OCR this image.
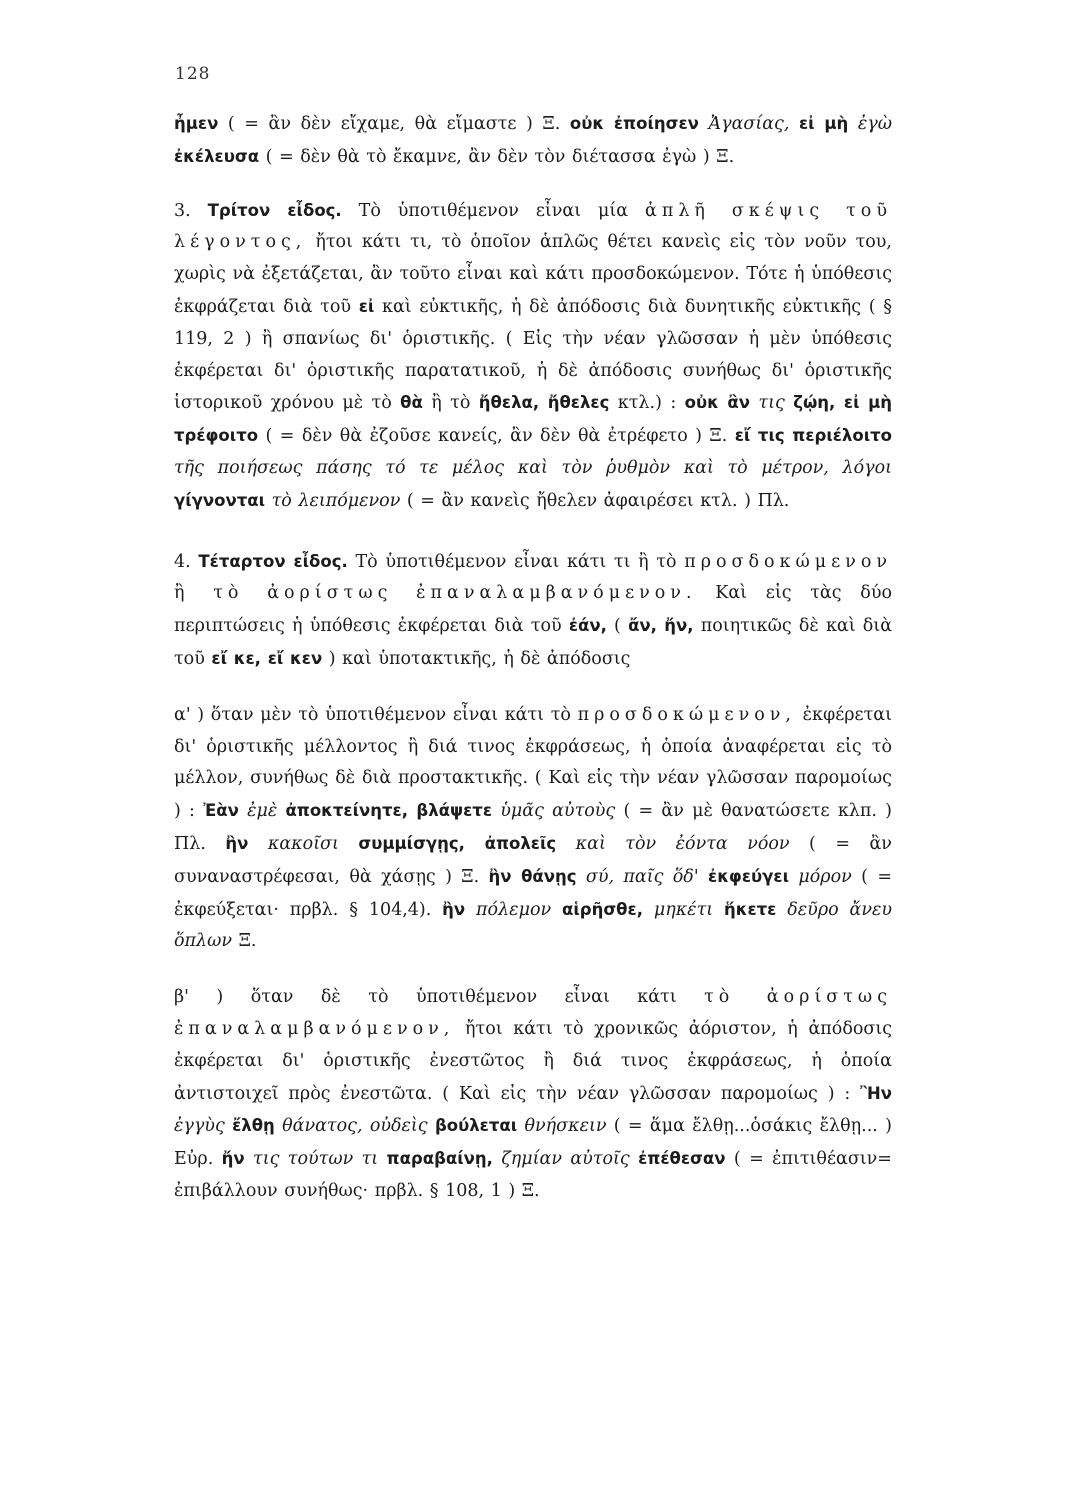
128

ἦμεν ( = ἂν δὲν εἴχαμε, θὰ εἴμαστε ) Ξ. οὐκ ἐποίησεν Ἀγασίας, εἰ μὴ ἐγὼ ἐκέλευσα ( = δὲν θὰ τὸ ἔκαμνε, ἂν δὲν τὸν διέτασσα ἐγὼ ) Ξ.

3. Τρίτον εἶδος. Τὸ ὑποτιθέμενον εἶναι μία ἁπλῆ σκέψις τοῦ λέγοντος, ἤτοι κάτι τι, τὸ ὁποῖον ἁπλῶς θέτει κανεὶς εἰς τὸν νοῦν του, χωρὶς νὰ ἐξετάζεται, ἂν τοῦτο εἶναι καὶ κάτι προσδοκώμενον. Τότε ἡ ὑπόθεσις ἐκφράζεται διὰ τοῦ εἰ καὶ εὐκτικῆς, ἡ δὲ ἀπόδοσις διὰ δυνητικῆς εὐκτικῆς ( § 119, 2 ) ἢ σπανίως δι' ὁριστικῆς. ( Εἰς τὴν νέαν γλῶσσαν ἡ μὲν ὑπόθεσις ἐκφέρεται δι' ὁριστικῆς παρατατικοῦ, ἡ δὲ ἀπόδοσις συνήθως δι' ὁριστικῆς ἱστορικοῦ χρόνου μὲ τὸ θὰ ἢ τὸ ἤθελα, ἤθελες κτλ.) : οὐκ ἂν τις ζῴη, εἰ μὴ τρέφοιτο ( = δὲν θὰ ἐζοῦσε κανείς, ἂν δὲν θὰ ἐτρέφετο ) Ξ. εἴ τις περιέλοιτο τῆς ποιήσεως πάσης τό τε μέλος καὶ τὸν ῥυθμὸν καὶ τὸ μέτρον, λόγοι γίγνονται τὸ λειπόμενον ( = ἂν κανεὶς ἤθελεν ἀφαιρέσει κτλ. ) Πλ.

4. Τέταρτον εἶδος. Τὸ ὑποτιθέμενον εἶναι κάτι τι ἢ τὸ προσδοκώμενον ἢ τὸ ἀορίστως ἐπαναλαμβανόμενον. Καὶ εἰς τὰς δύο περιπτώσεις ἡ ὑπόθεσις ἐκφέρεται διὰ τοῦ ἐάν, ( ἄν, ἤν, ποιητικῶς δὲ καὶ διὰ τοῦ εἴ κε, εἴ κεν ) καὶ ὑποτακτικῆς, ἡ δὲ ἀπόδοσις

α' ) ὅταν μὲν τὸ ὑποτιθέμενον εἶναι κάτι τὸ προσδοκώμενον, ἐκφέρεται δι' ὁριστικῆς μέλλοντος ἢ διά τινος ἐκφράσεως, ἡ ὁποία ἀναφέρεται εἰς τὸ μέλλον, συνήθως δὲ διὰ προστακτικῆς. ( Καὶ εἰς τὴν νέαν γλῶσσαν παρομοίως ) : Ἐὰν ἐμὲ ἀποκτείνητε, βλάψετε ὑμᾶς αὐτοὺς ( = ἂν μὲ θανατώσετε κλπ. ) Πλ. ἢν κακοῖσι συμμίσγῃς, ἀπολεῖς καὶ τὸν ἐόντα νόον ( = ἂν συναναστρέφεσαι, θὰ χάσῃς ) Ξ. ἢν θάνῃς σύ, παῖς ὅδ' ἐκφεύγει μόρον ( = ἐκφεύξεται· πρβλ. § 104,4). ἢν πόλεμον αἱρῆσθε, μηκέτι ἥκετε δεῦρο ἄνευ ὅπλων Ξ.

β' ) ὅταν δὲ τὸ ὑποτιθέμενον εἶναι κάτι τὸ ἀορίστως ἐπαναλαμβανόμενον, ἤτοι κάτι τὸ χρονικῶς ἀόριστον, ἡ ἀπόδοσις ἐκφέρεται δι' ὁριστικῆς ἐνεστῶτος ἢ διά τινος ἐκφράσεως, ἡ ὁποία ἀντιστοιχεῖ πρὸς ἐνεστῶτα. ( Καὶ εἰς τὴν νέαν γλῶσσαν παρομοίως ) : Ἢν ἐγγὺς ἔλθῃ θάνατος, οὐδεὶς βούλεται θνήσκειν ( = ἅμα ἔλθῃ...ὁσάκις ἔλθῃ... ) Εὐρ. ἤν τις τούτων τι παραβαίνῃ, ζημίαν αὐτοῖς ἐπέθεσαν ( = ἐπιτιθέασιν= ἐπιβάλλουν συνήθως· πρβλ. § 108, 1 ) Ξ.
